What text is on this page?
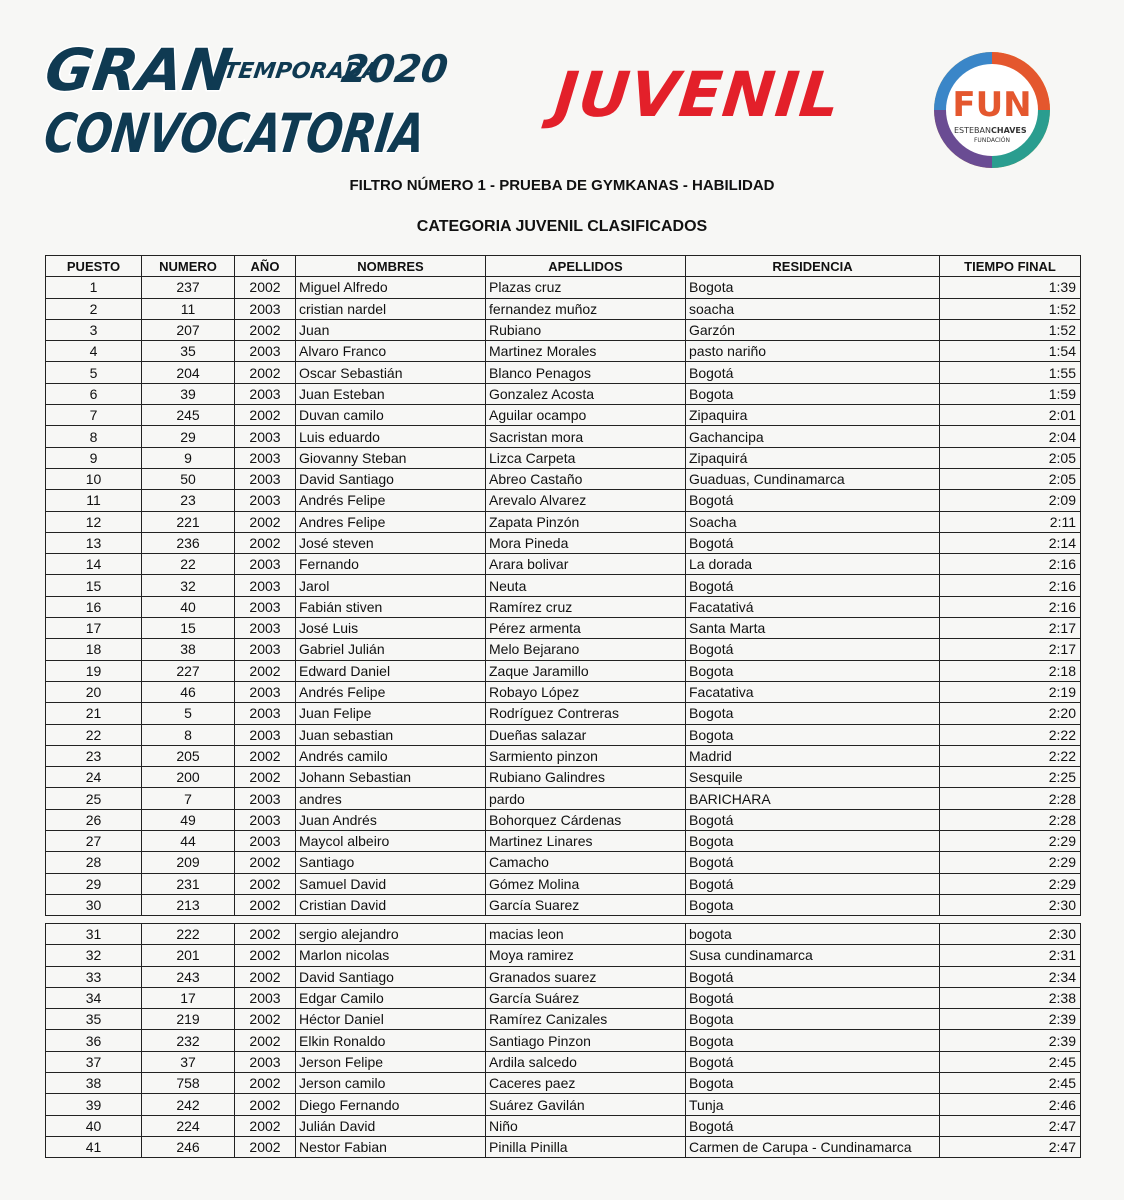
GRAN
TEMPORADA
2020
CONVOCATORIA
JUVENIL	FUN
ESTEBAN CHAVES
FUNDACIÓN
FILTRO NÚMERO 1 - PRUEBA DE GYMKANAS - HABILIDAD
CATEGORIA JUVENIL CLASIFICADOS
PUESTO	NUMERO	AÑO	NOMBRES	APELLIDOS	RESIDENCIA	TIEMPO FINAL
1	237	2002	Miguel Alfredo	Plazas cruz	Bogota	1:39
2	11	2003	cristian nardel	fernandez muñoz	soacha	1:52
3	207	2002	Juan	Rubiano	Garzón	1:52
4	35	2003	Alvaro Franco	Martinez Morales	pasto nariño	1:54
5	204	2002	Oscar Sebastián	Blanco Penagos	Bogotá	1:55
6	39	2003	Juan Esteban	Gonzalez Acosta	Bogota	1:59
7	245	2002	Duvan camilo	Aguilar ocampo	Zipaquira	2:01
8	29	2003	Luis eduardo	Sacristan mora	Gachancipa	2:04
9	9	2003	Giovanny Steban	Lizca Carpeta	Zipaquirá	2:05
10	50	2003	David Santiago	Abreo Castaño	Guaduas, Cundinamarca	2:05
11	23	2003	Andrés Felipe	Arevalo Alvarez	Bogotá	2:09
12	221	2002	Andres Felipe	Zapata Pinzón	Soacha	2:11
13	236	2002	José steven	Mora Pineda	Bogotá	2:14
14	22	2003	Fernando	Arara bolivar	La dorada	2:16
15	32	2003	Jarol	Neuta	Bogotá	2:16
16	40	2003	Fabián stiven	Ramírez cruz	Facatativá	2:16
17	15	2003	José Luis	Pérez armenta	Santa Marta	2:17
18	38	2003	Gabriel Julián	Melo Bejarano	Bogotá	2:17
19	227	2002	Edward Daniel	Zaque Jaramillo	Bogota	2:18
20	46	2003	Andrés Felipe	Robayo López	Facatativa	2:19
21	5	2003	Juan Felipe	Rodríguez Contreras	Bogota	2:20
22	8	2003	Juan sebastian	Dueñas salazar	Bogota	2:22
23	205	2002	Andrés camilo	Sarmiento pinzon	Madrid	2:22
24	200	2002	Johann Sebastian	Rubiano Galindres	Sesquile	2:25
25	7	2003	andres	pardo	BARICHARA	2:28
26	49	2003	Juan Andrés	Bohorquez Cárdenas	Bogotá	2:28
27	44	2003	Maycol albeiro	Martinez Linares	Bogota	2:29
28	209	2002	Santiago	Camacho	Bogotá	2:29
29	231	2002	Samuel David	Gómez Molina	Bogotá	2:29
30	213	2002	Cristian David	García Suarez	Bogota	2:30
31	222	2002	sergio alejandro	macias leon	bogota	2:30
32	201	2002	Marlon nicolas	Moya ramirez	Susa cundinamarca	2:31
33	243	2002	David Santiago	Granados suarez	Bogotá	2:34
34	17	2003	Edgar Camilo	García Suárez	Bogotá	2:38
35	219	2002	Héctor Daniel	Ramírez Canizales	Bogota	2:39
36	232	2002	Elkin Ronaldo	Santiago Pinzon	Bogota	2:39
37	37	2003	Jerson Felipe	Ardila salcedo	Bogotá	2:45
38	758	2002	Jerson camilo	Caceres paez	Bogota	2:45
39	242	2002	Diego Fernando	Suárez Gavilán	Tunja	2:46
40	224	2002	Julián David	Niño	Bogotá	2:47
41	246	2002	Nestor Fabian	Pinilla Pinilla	Carmen de Carupa - Cundinamarca	2:47
